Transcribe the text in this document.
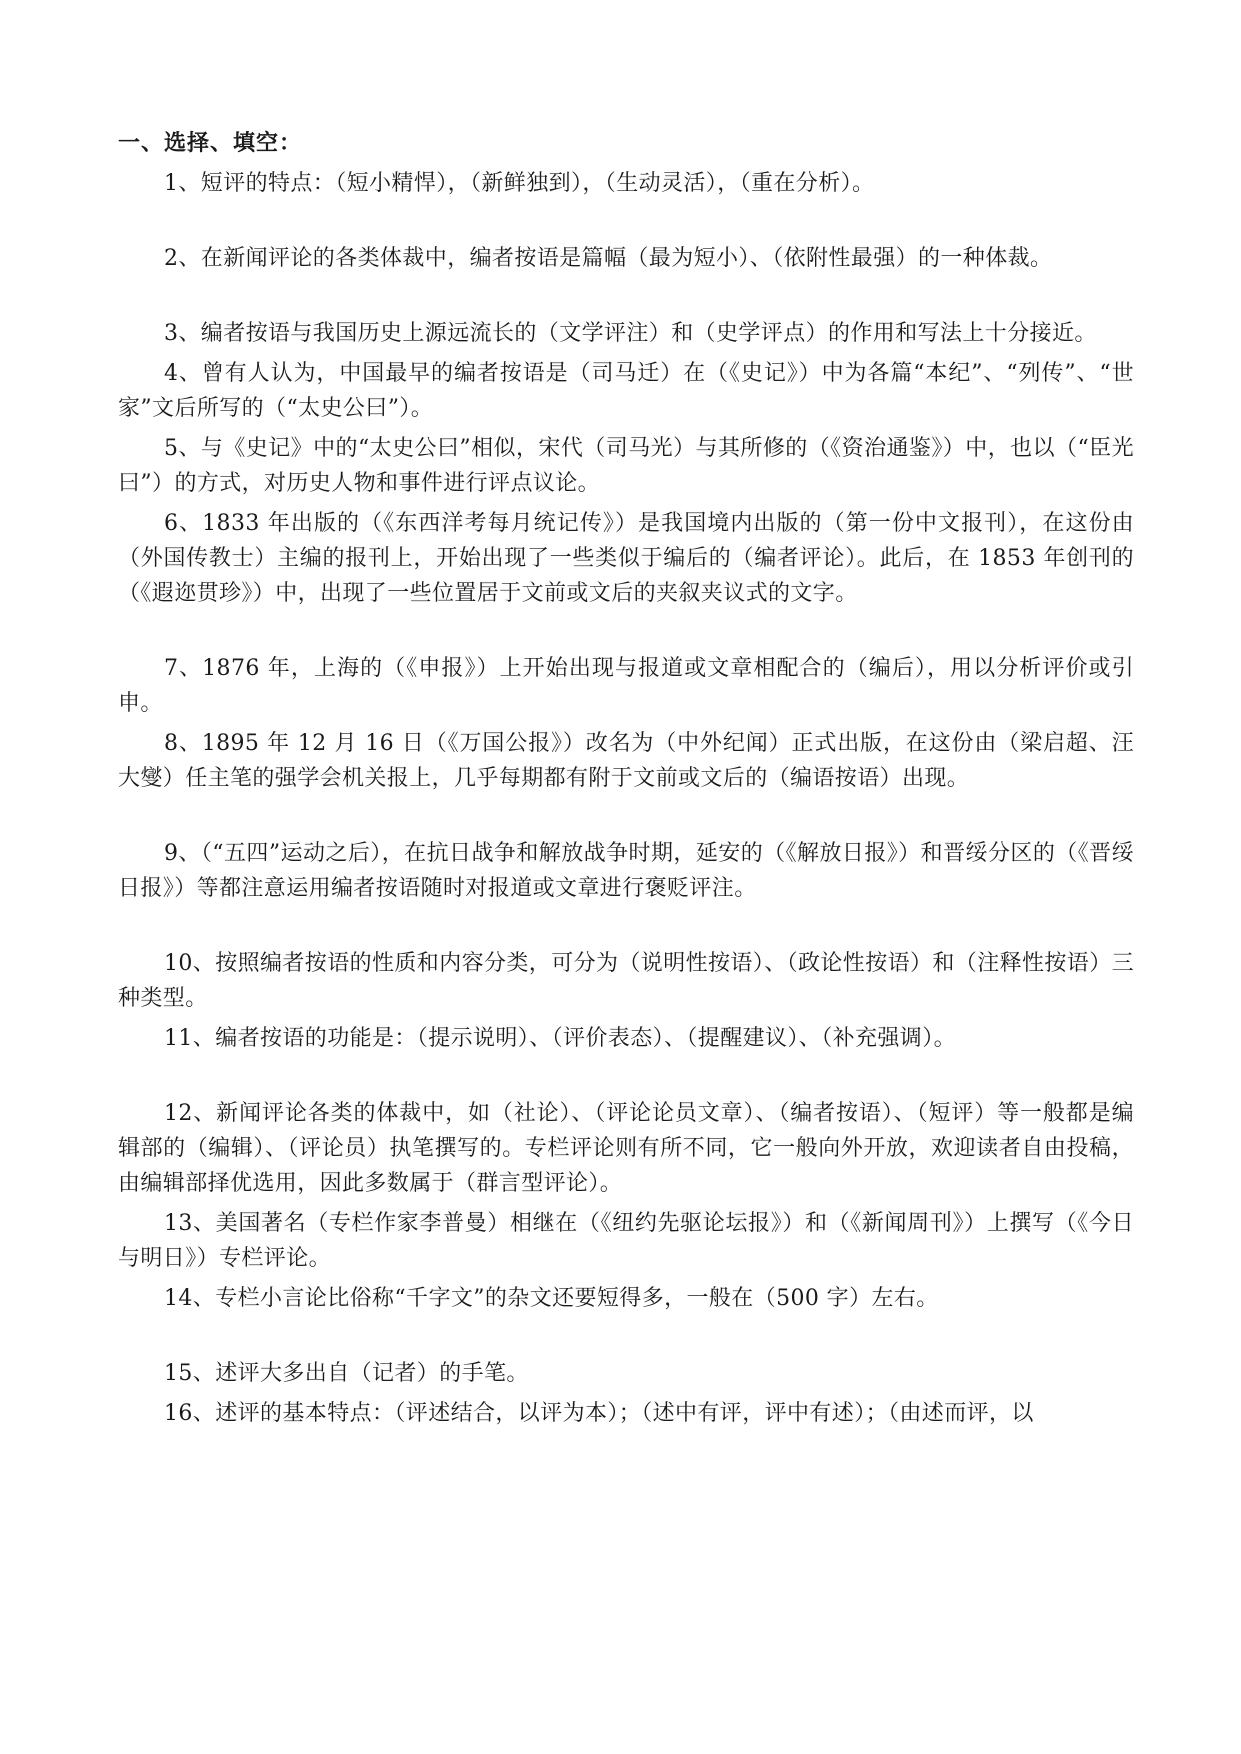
一、选择、填空：

1、短评的特点：（短小精悍），（新鲜独到），（生动灵活），（重在分析）。

2、在新闻评论的各类体裁中，编者按语是篇幅（最为短小）、（依附性最强）的一种体裁。

3、编者按语与我国历史上源远流长的（文学评注）和（史学评点）的作用和写法上十分接近。

4、曾有人认为，中国最早的编者按语是（司马迁）在（《史记》）中为各篇“本纪”、“列传”、“世家”文后所写的（“太史公曰”）。

5、与《史记》中的“太史公曰”相似，宋代（司马光）与其所修的（《资治通鉴》）中，也以（“臣光曰”）的方式，对历史人物和事件进行评点议论。

6、1833 年出版的（《东西洋考每月统记传》）是我国境内出版的（第一份中文报刊），在这份由（外国传教士）主编的报刊上，开始出现了一些类似于编后的（编者评论）。此后，在 1853 年创刊的（《遐迩贯珍》）中，出现了一些位置居于文前或文后的夹叙夹议式的文字。

7、1876 年，上海的（《申报》）上开始出现与报道或文章相配合的（编后），用以分析评价或引申。

8、1895 年 12 月 16 日（《万国公报》）改名为（中外纪闻）正式出版，在这份由（梁启超、汪大燮）任主笔的强学会机关报上，几乎每期都有附于文前或文后的（编语按语）出现。

9、（“五四”运动之后），在抗日战争和解放战争时期，延安的（《解放日报》）和晋绥分区的（《晋绥日报》）等都注意运用编者按语随时对报道或文章进行褒贬评注。

10、按照编者按语的性质和内容分类，可分为（说明性按语）、（政论性按语）和（注释性按语）三种类型。

11、编者按语的功能是：（提示说明）、（评价表态）、（提醒建议）、（补充强调）。

12、新闻评论各类的体裁中，如（社论）、（评论论员文章）、（编者按语）、（短评）等一般都是编辑部的（编辑）、（评论员）执笔撰写的。专栏评论则有所不同，它一般向外开放，欢迎读者自由投稿，由编辑部择优选用，因此多数属于（群言型评论）。

13、美国著名（专栏作家李普曼）相继在（《纽约先驱论坛报》）和（《新闻周刊》）上撰写（《今日与明日》）专栏评论。

14、专栏小言论比俗称“千字文”的杂文还要短得多，一般在（500 字）左右。

15、述评大多出自（记者）的手笔。

16、述评的基本特点：（评述结合，以评为本）；（述中有评，评中有述）；（由述而评，以
